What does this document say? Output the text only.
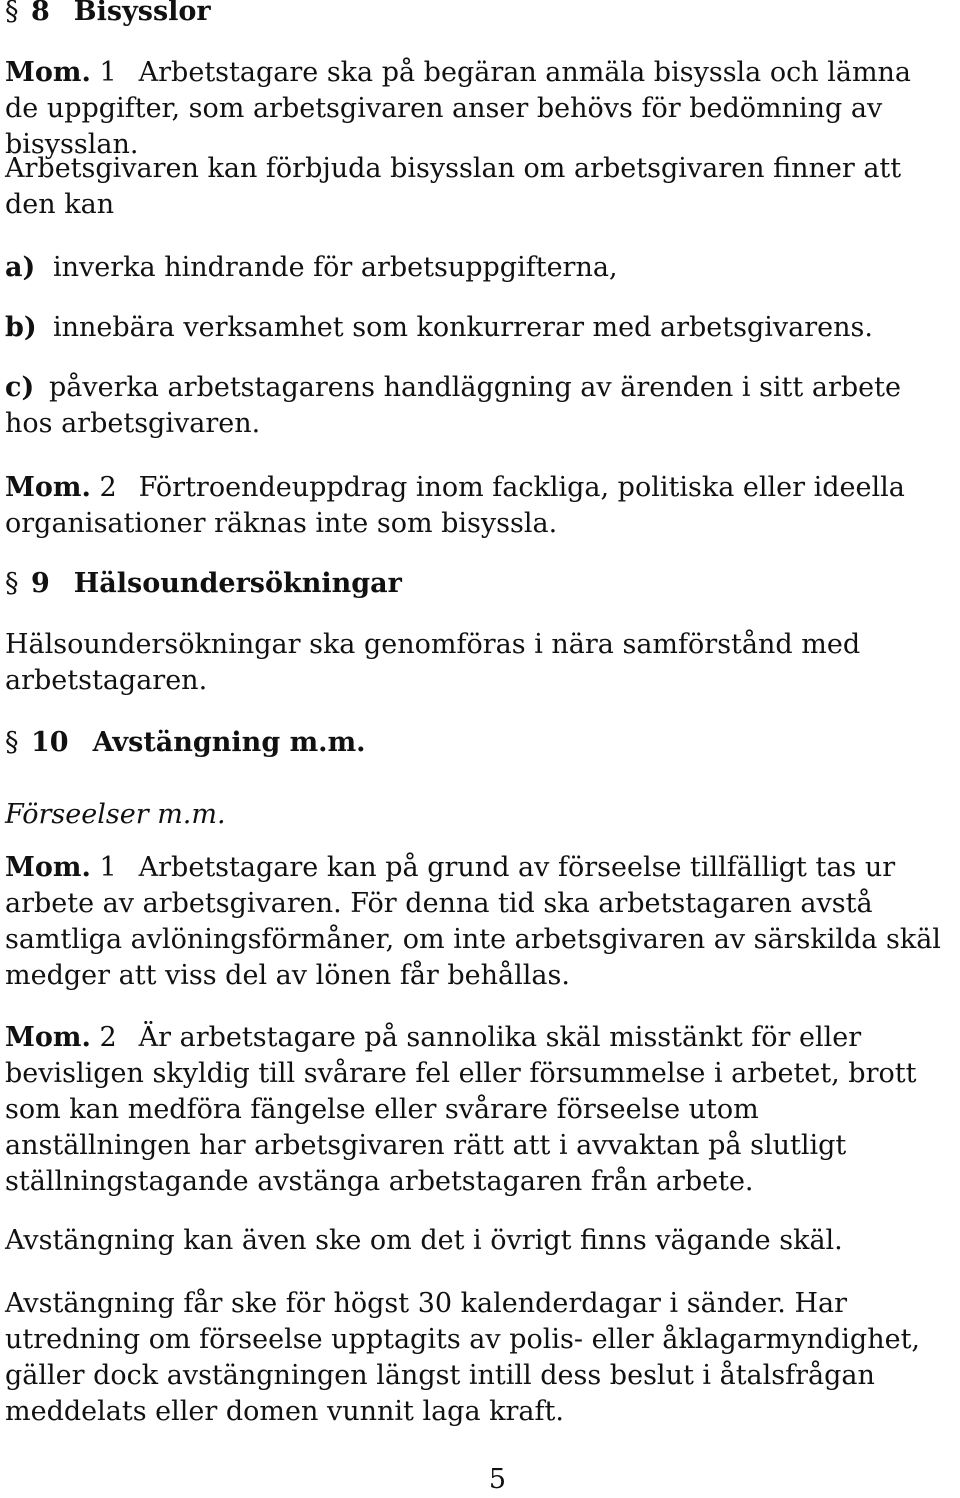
§ 8 Bisysslor

Mom. 1 Arbetstagare ska på begäran anmäla bisyssla och lämna de uppgifter, som arbetsgivaren anser behövs för bedömning av bisysslan.

Arbetsgivaren kan förbjuda bisysslan om arbetsgivaren finner att den kan

a) inverka hindrande för arbetsuppgifterna,

b) innebära verksamhet som konkurrerar med arbetsgivarens.

c) påverka arbetstagarens handläggning av ärenden i sitt arbete hos arbetsgivaren.

Mom. 2 Förtroendeuppdrag inom fackliga, politiska eller ideella organisationer räknas inte som bisyssla.

§ 9 Hälsoundersökningar

Hälsoundersökningar ska genomföras i nära samförstånd med arbetstagaren.

§ 10 Avstängning m.m.

Förseelser m.m.

Mom. 1 Arbetstagare kan på grund av förseelse tillfälligt tas ur arbete av arbetsgivaren. För denna tid ska arbetstagaren avstå samtliga avlöningsförmåner, om inte arbetsgivaren av särskilda skäl medger att viss del av lönen får behållas.

Mom. 2 Är arbetstagare på sannolika skäl misstänkt för eller bevisligen skyldig till svårare fel eller försummelse i arbetet, brott som kan medföra fängelse eller svårare förseelse utom anställningen har arbetsgivaren rätt att i avvaktan på slutligt ställningstagande avstänga arbetstagaren från arbete.

Avstängning kan även ske om det i övrigt finns vägande skäl.

Avstängning får ske för högst 30 kalenderdagar i sänder. Har utredning om förseelse upptagits av polis- eller åklagarmyndighet, gäller dock avstängningen längst intill dess beslut i åtalsfrågan meddelats eller domen vunnit laga kraft.

5
